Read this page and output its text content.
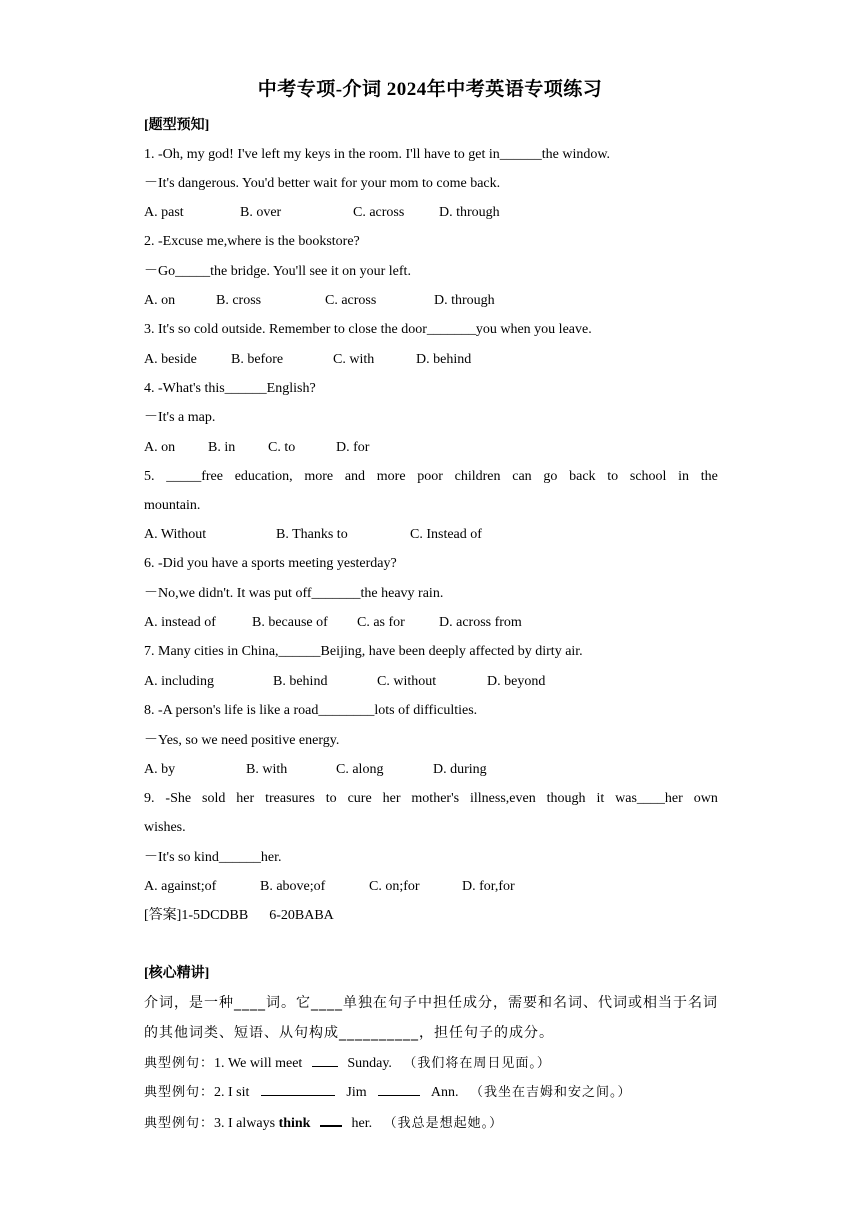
中考专项-介词 2024年中考英语专项练习
[题型预知]
1. -Oh, my god! I've left my keys in the room. I'll have to get in______the window.
－It's dangerous. You'd better wait for your mom to come back.
A. past	B. over	C. across D. through
2. -Excuse me,where is the bookstore?
－Go_____the bridge. You'll see it on your left.
A. on	B. cross	C. across	D. through
3. It's so cold outside. Remember to close the door_______you when you leave.
A. beside B. before	C. with	D. behind
4. -What's this______English?
－It's a map.
A. on B. in C. to	D. for
5. _____free education, more and more poor children can go back to school in the
mountain.
A. Without	B. Thanks to	C. Instead of
6. -Did you have a sports meeting yesterday?
－No,we didn't. It was put off_______the heavy rain.
A. instead of	B. because of C. as for D. across from
7. Many cities in China,______Beijing, have been deeply affected by dirty air.
A. including	B. behind	C. without	D. beyond
8. -A person's life is like a road________lots of difficulties.
－Yes, so we need positive energy.
A. by	B. with	C. along	D. during
9. -She sold her treasures to cure her mother's illness,even though it was____her own
wishes.
－It's so kind______her.
A. against;of	B. above;of	C. on;for	D. for,for
[答案]1-5DCDBB      6-20BABA
[核心精讲]
介词，是一种____词。它____单独在句子中担任成分，需要和名词、代词或相当于名词
的其他词类、短语、从句构成__________，担任句子的成分。
典型例句：1. We will meet	Sunday. （我们将在周日见面。）
典型例句：2. I sit	Jim	Ann. （我坐在吉姆和安之间。）
典型例句：3. I always think	her. （我总是想起她。）
